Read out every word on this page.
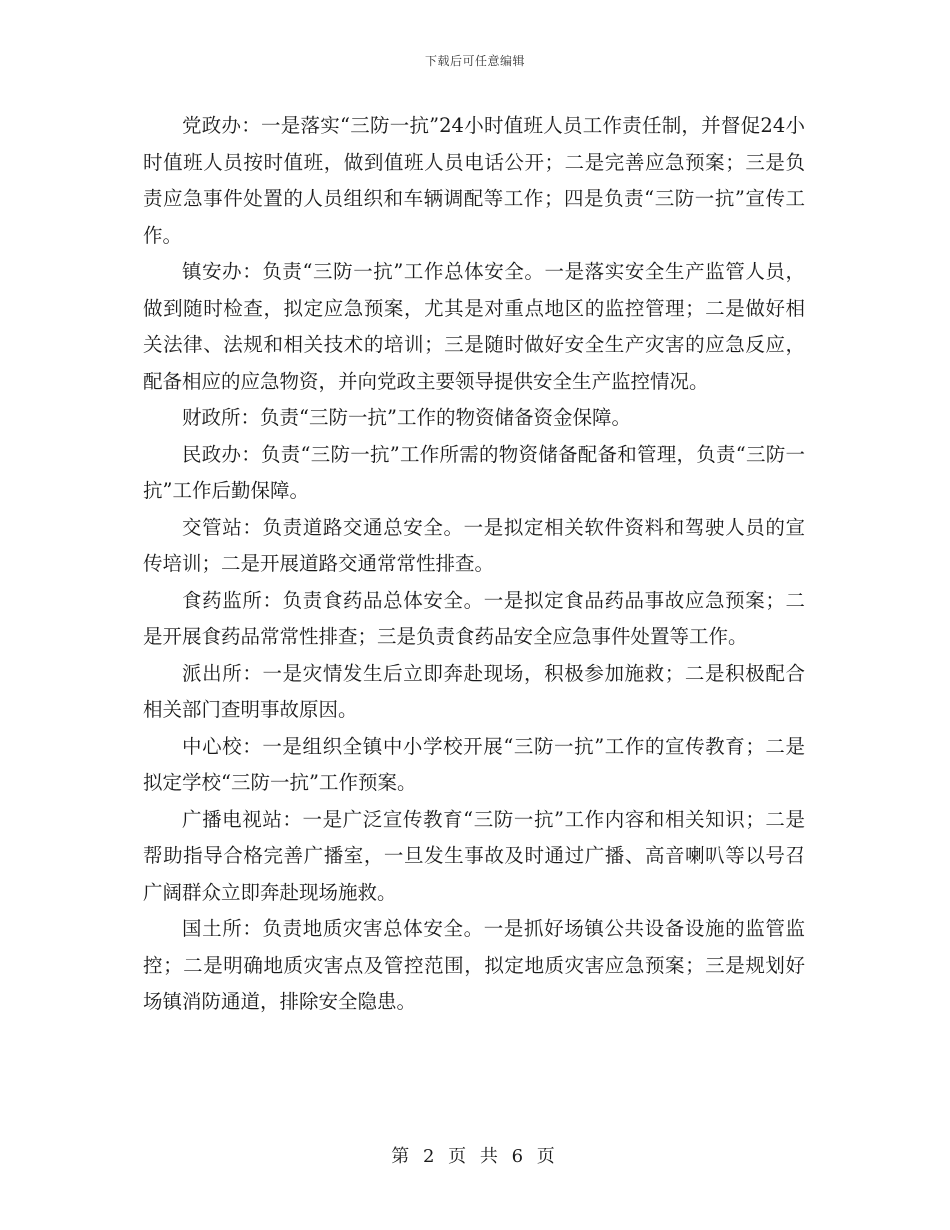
下载后可任意编辑

党政办：一是落实“三防一抗”24小时值班人员工作责任制，并督促24小时值班人员按时值班，做到值班人员电话公开；二是完善应急预案；三是负责应急事件处置的人员组织和车辆调配等工作；四是负责“三防一抗”宣传工作。

镇安办：负责“三防一抗”工作总体安全。一是落实安全生产监管人员，做到随时检查，拟定应急预案，尤其是对重点地区的监控管理；二是做好相关法律、法规和相关技术的培训；三是随时做好安全生产灾害的应急反应，配备相应的应急物资，并向党政主要领导提供安全生产监控情况。

财政所：负责“三防一抗”工作的物资储备资金保障。

民政办：负责“三防一抗”工作所需的物资储备配备和管理，负责“三防一抗”工作后勤保障。

交管站：负责道路交通总安全。一是拟定相关软件资料和驾驶人员的宣传培训；二是开展道路交通常常性排查。

食药监所：负责食药品总体安全。一是拟定食品药品事故应急预案；二是开展食药品常常性排查；三是负责食药品安全应急事件处置等工作。

派出所：一是灾情发生后立即奔赴现场，积极参加施救；二是积极配合相关部门查明事故原因。

中心校：一是组织全镇中小学校开展“三防一抗”工作的宣传教育；二是拟定学校“三防一抗”工作预案。

广播电视站：一是广泛宣传教育“三防一抗”工作内容和相关知识；二是帮助指导合格完善广播室，一旦发生事故及时通过广播、高音喇叭等以号召广阔群众立即奔赴现场施救。

国土所：负责地质灾害总体安全。一是抓好场镇公共设备设施的监管监控；二是明确地质灾害点及管控范围，拟定地质灾害应急预案；三是规划好场镇消防通道，排除安全隐患。

第 2 页 共 6 页
